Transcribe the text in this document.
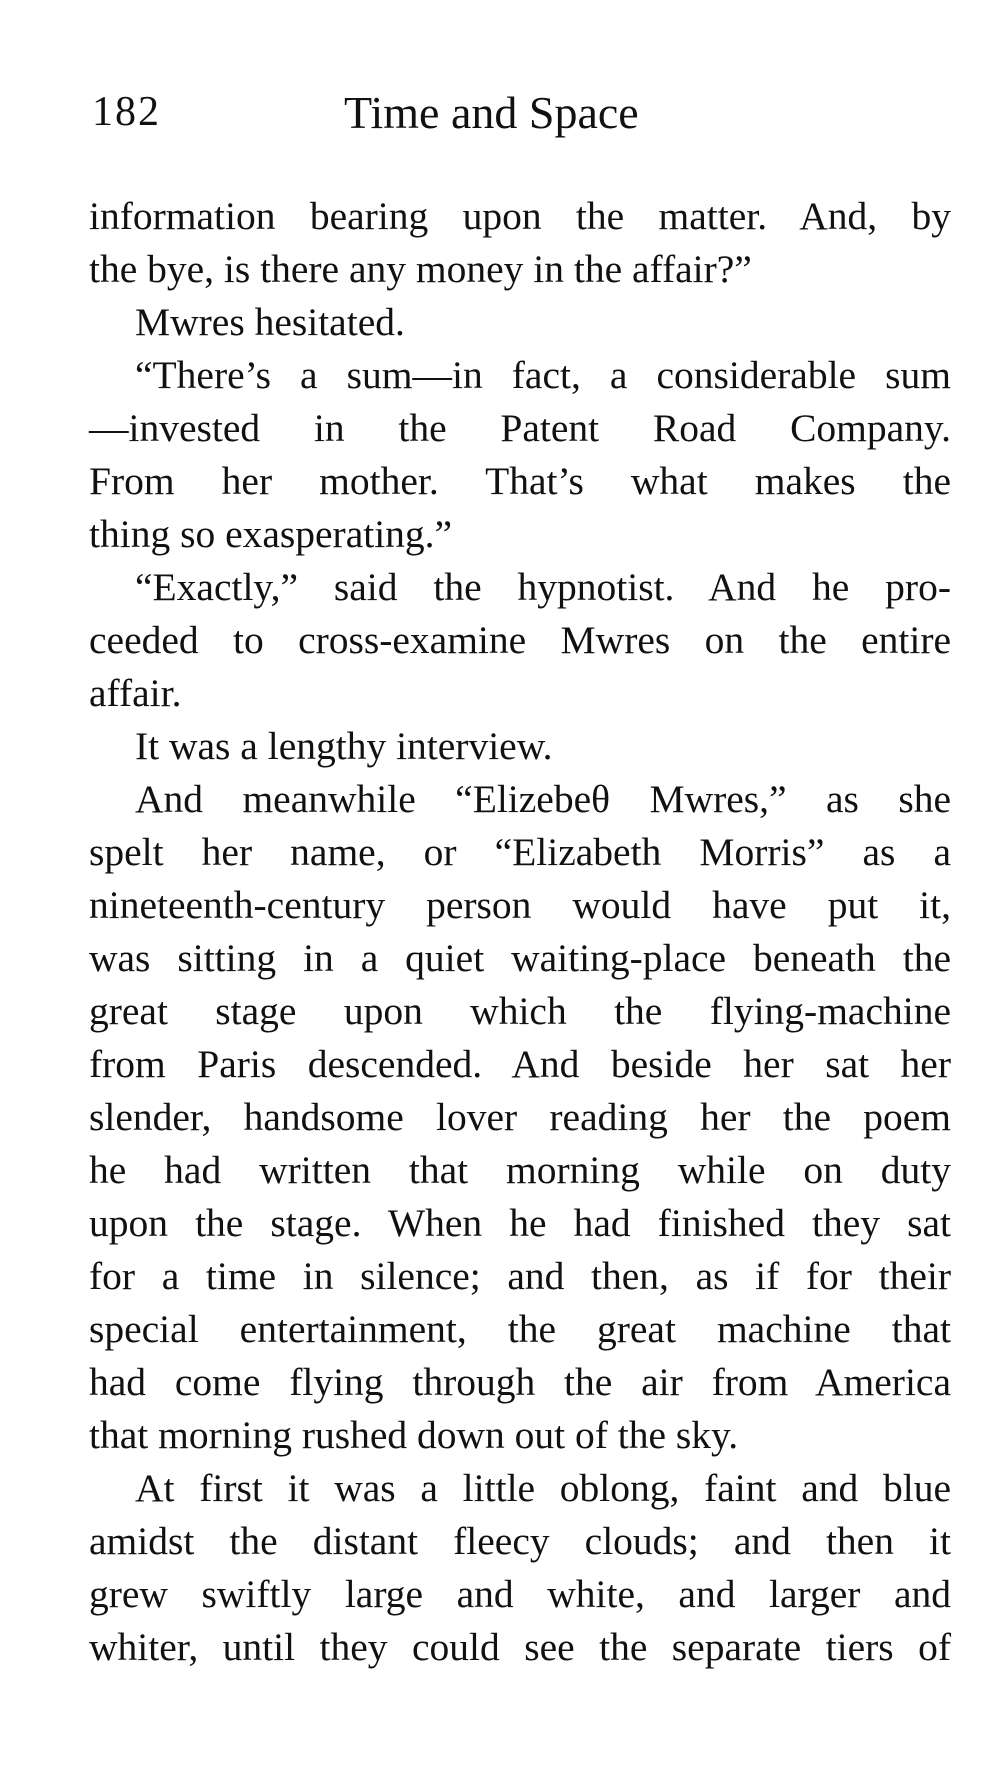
182	Time and Space
information bearing upon the matter. And, by
the bye, is there any money in the affair?”
Mwres hesitated.
“There’s a sum—in fact, a considerable sum
—invested in the Patent Road Company.
From her mother. That’s what makes the
thing so exasperating.”
“Exactly,” said the hypnotist. And he pro-
ceeded to cross-examine Mwres on the entire
affair.
It was a lengthy interview.
And meanwhile “Elizebeθ Mwres,” as she
spelt her name, or “Elizabeth Morris” as a
nineteenth-century person would have put it,
was sitting in a quiet waiting-place beneath the
great stage upon which the flying-machine
from Paris descended. And beside her sat her
slender, handsome lover reading her the poem
he had written that morning while on duty
upon the stage. When he had finished they sat
for a time in silence; and then, as if for their
special entertainment, the great machine that
had come flying through the air from America
that morning rushed down out of the sky.
At first it was a little oblong, faint and blue
amidst the distant fleecy clouds; and then it
grew swiftly large and white, and larger and
whiter, until they could see the separate tiers of
